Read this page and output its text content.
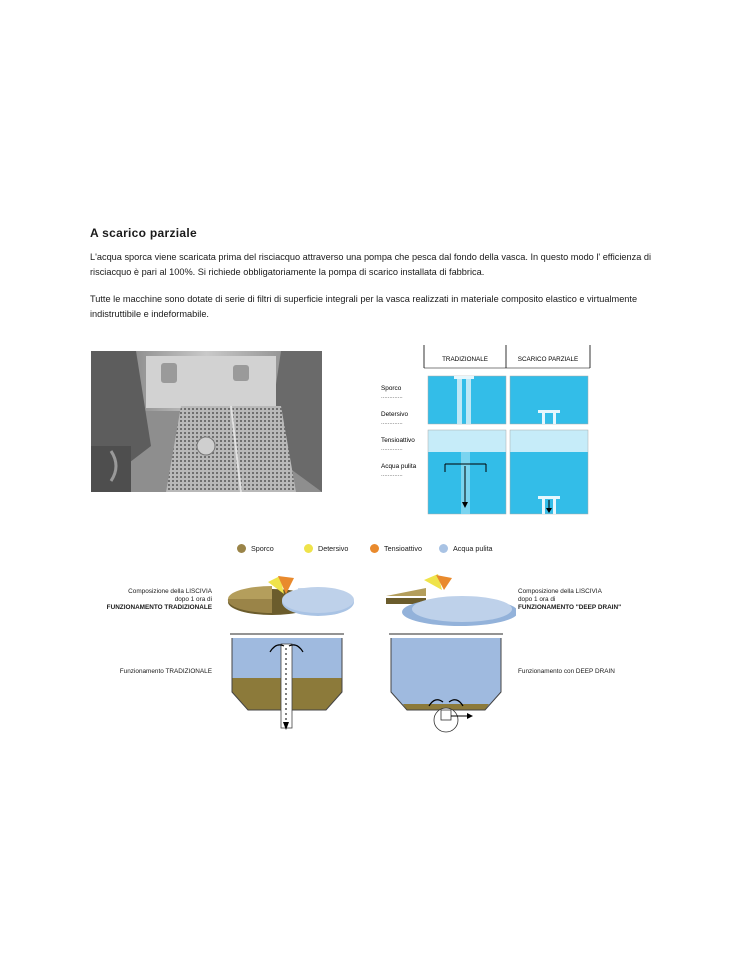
A scarico parziale
L'acqua sporca viene scaricata prima del risciacquo attraverso una pompa che pesca dal fondo della vasca. In questo modo l' efficienza di risciacquo è pari al 100%. Si richiede obbligatoriamente la pompa di scarico installata di fabbrica.
Tutte le macchine sono dotate di serie di filtri di superficie integrali per la vasca realizzati in materiale composito elastico e virtualmente indistruttibile e indeformabile.
TRADIZIONALE	SCARICO PARZIALE
Sporco
.............
Detersivo
.............
Tensioattivo
.............
Acqua pulita
.............
Sporco	Detersivo	Tensioattivo	Acqua pulita
Composizione della LISCIVIA
dopo 1 ora di
FUNZIONAMENTO TRADIZIONALE
Composizione della LISCIVIA
dopo 1 ora di
FUNZIONAMENTO "DEEP DRAIN"
Funzionamento TRADIZIONALE	Funzionamento con DEEP DRAIN
